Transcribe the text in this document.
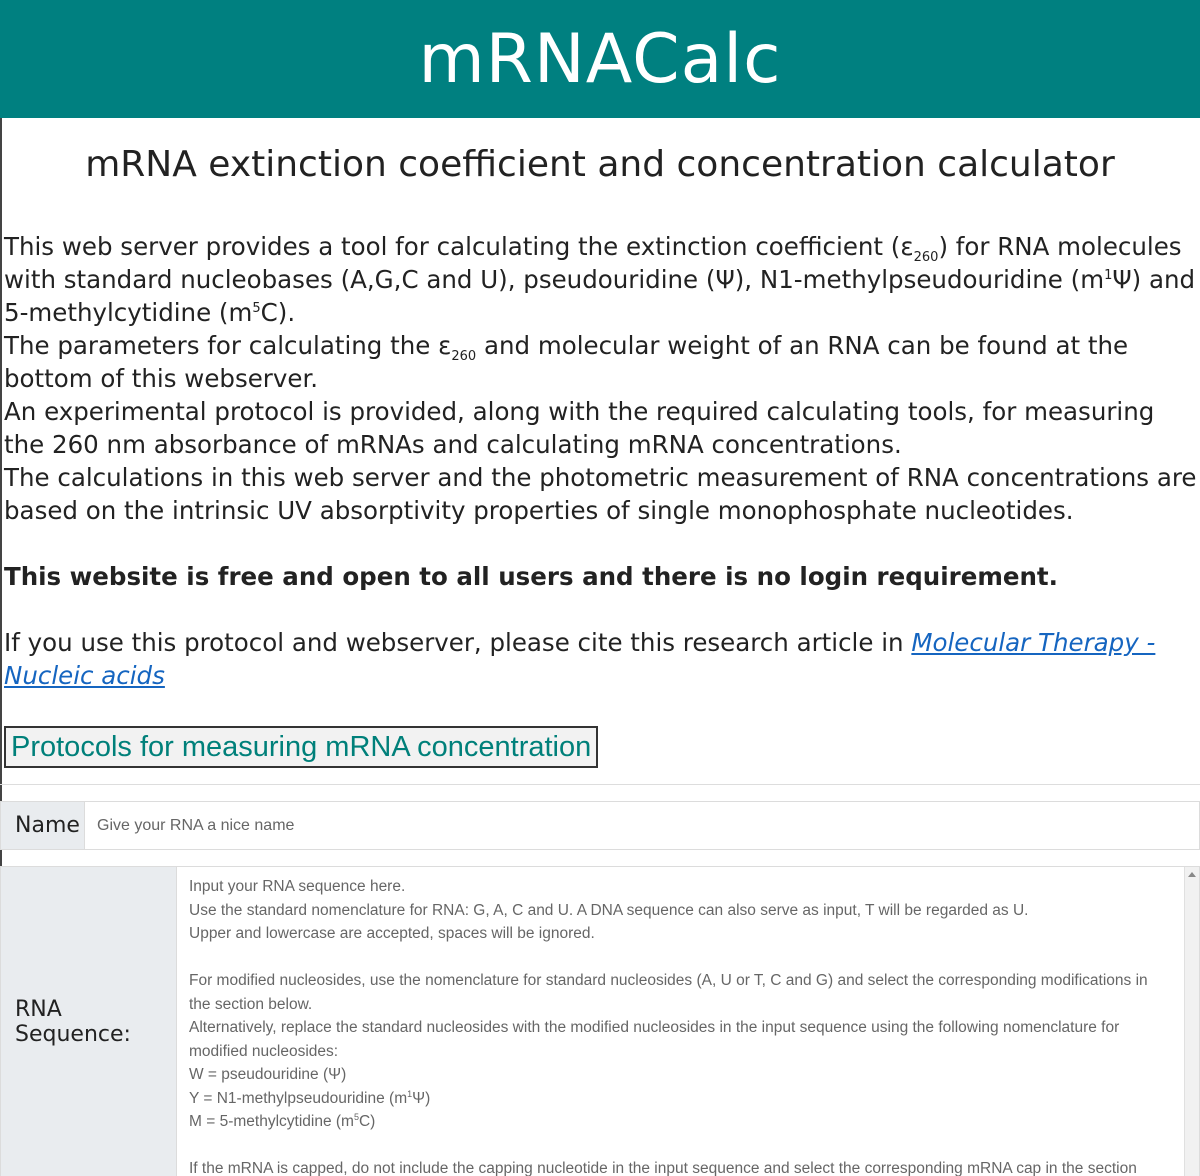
mRNACalc
mRNA extinction coefficient and concentration calculator

This web server provides a tool for calculating the extinction coefficient $(\varepsilon_{260})$ for RNA molecules with standard nucleobases (A,G,C and U), pseudouridine (Ψ), N1-methylpseudouridine $(m^1\Psi)$ and 5-methylcytidine $(m^5C)$.

The parameters for calculating the $\varepsilon_{260}$ and molecular weight of an RNA can be found at the bottom of this webserver.

An experimental protocol is provided, along with the required calculating tools, for measuring the 260 nm absorbance of mRNAs and calculating mRNA concentrations.

The calculations in this web server and the photometric measurement of RNA concentrations are based on the intrinsic UV absorptivity properties of single monophosphate nucleotides.

This website is free and open to all users and there is no login requirement.

If you use this protocol and webserver, please cite this research article in Molecular Therapy - Nucleic acids

Protocols for measuring mRNA concentration
Name
Give your RNA a nice name
RNA Sequence:
Input your RNA sequence here.
Use the standard nomenclature for RNA: G, A, C and U. A DNA sequence can also serve as input, T will be regarded as U.
Upper and lowercase are accepted, spaces will be ignored.
For modified nucleosides, use the nomenclature for standard nucleosides (A, U or T, C and G) and select the corresponding modifications in the section below.
Alternatively, replace the standard nucleosides with the modified nucleosides in the input sequence using the following nomenclature for modified nucleosides:
W = pseudouridine (Ψ)
Y = N1-methylpseudouridine $(m^1\Psi)$
M = 5-methylcytidine $(m^5C)$
If the mRNA is capped, do not include the capping nucleotide in the input sequence and select the corresponding mRNA cap in the section
